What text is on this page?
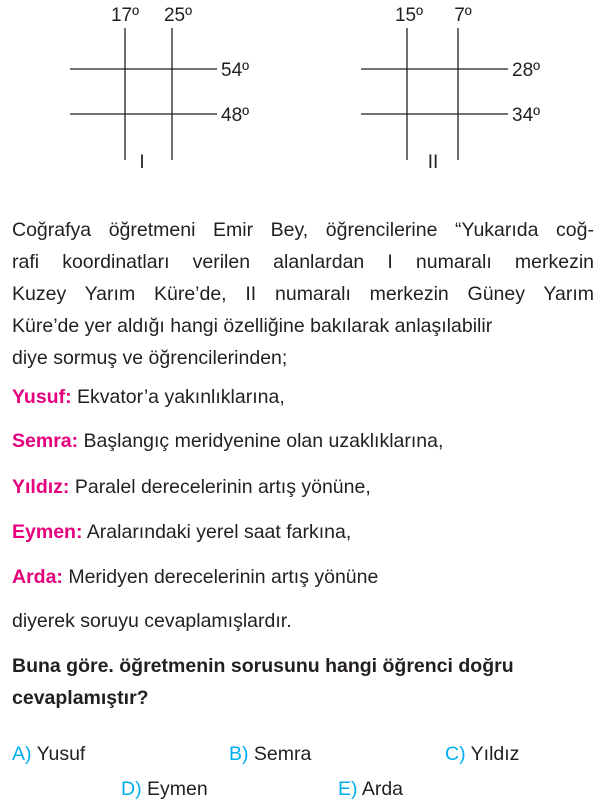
17º 25º
54º
48º
I
15º 7º
28º
34º
II
Coğrafya öğretmeni Emir Bey, öğrencilerine “Yukarıda coğ-
rafi koordinatları verilen alanlardan I numaralı merkezin
Kuzey Yarım Küre’de, II numaralı merkezin Güney Yarım
Küre’de yer aldığı hangi özelliğine bakılarak anlaşılabilir
diye sormuş ve öğrencilerinden;
Yusuf: Ekvator’a yakınlıklarına,
Semra: Başlangıç meridyenine olan uzaklıklarına,
Yıldız: Paralel derecelerinin artış yönüne,
Eymen: Aralarındaki yerel saat farkına,
Arda: Meridyen derecelerinin artış yönüne
diyerek soruyu cevaplamışlardır.
Buna göre. öğretmenin sorusunu hangi öğrenci doğru
cevaplamıştır?
A) Yusuf	B) Semra	C) Yıldız
D) Eymen	E) Arda
